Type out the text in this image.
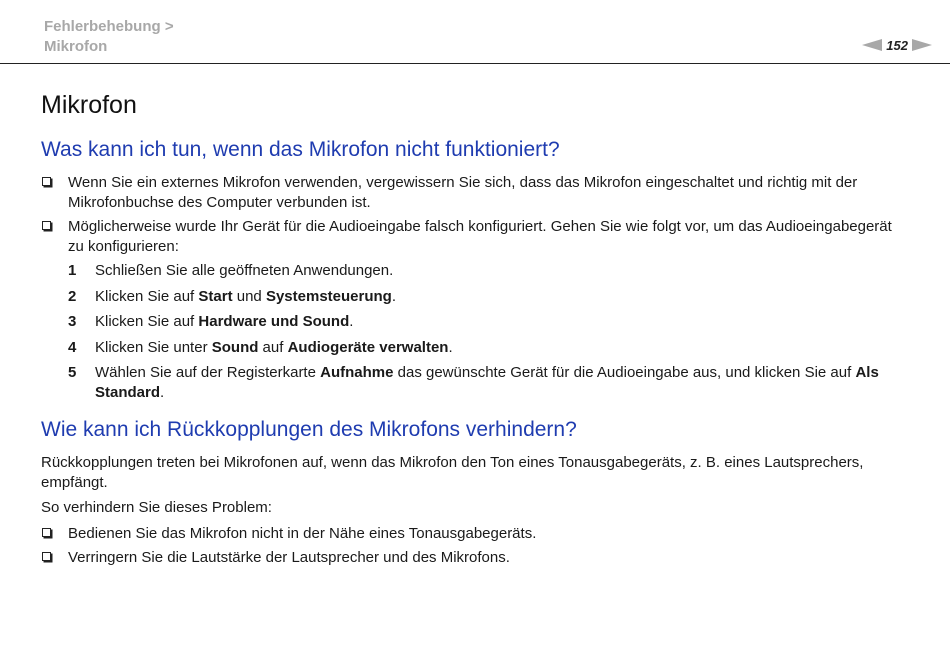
Fehlerbehebung >
Mikrofon	152
Mikrofon
Was kann ich tun, wenn das Mikrofon nicht funktioniert?
Wenn Sie ein externes Mikrofon verwenden, vergewissern Sie sich, dass das Mikrofon eingeschaltet und richtig mit der Mikrofonbuchse des Computer verbunden ist.
Möglicherweise wurde Ihr Gerät für die Audioeingabe falsch konfiguriert. Gehen Sie wie folgt vor, um das Audioeingabegerät zu konfigurieren:
1 Schließen Sie alle geöffneten Anwendungen.
2 Klicken Sie auf Start und Systemsteuerung.
3 Klicken Sie auf Hardware und Sound.
4 Klicken Sie unter Sound auf Audiogeräte verwalten.
5 Wählen Sie auf der Registerkarte Aufnahme das gewünschte Gerät für die Audioeingabe aus, und klicken Sie auf Als Standard.
Wie kann ich Rückkopplungen des Mikrofons verhindern?

Rückkopplungen treten bei Mikrofonen auf, wenn das Mikrofon den Ton eines Tonausgabegeräts, z. B. eines Lautsprechers, empfängt.

So verhindern Sie dieses Problem:

Bedienen Sie das Mikrofon nicht in der Nähe eines Tonausgabegeräts.
Verringern Sie die Lautstärke der Lautsprecher und des Mikrofons.
